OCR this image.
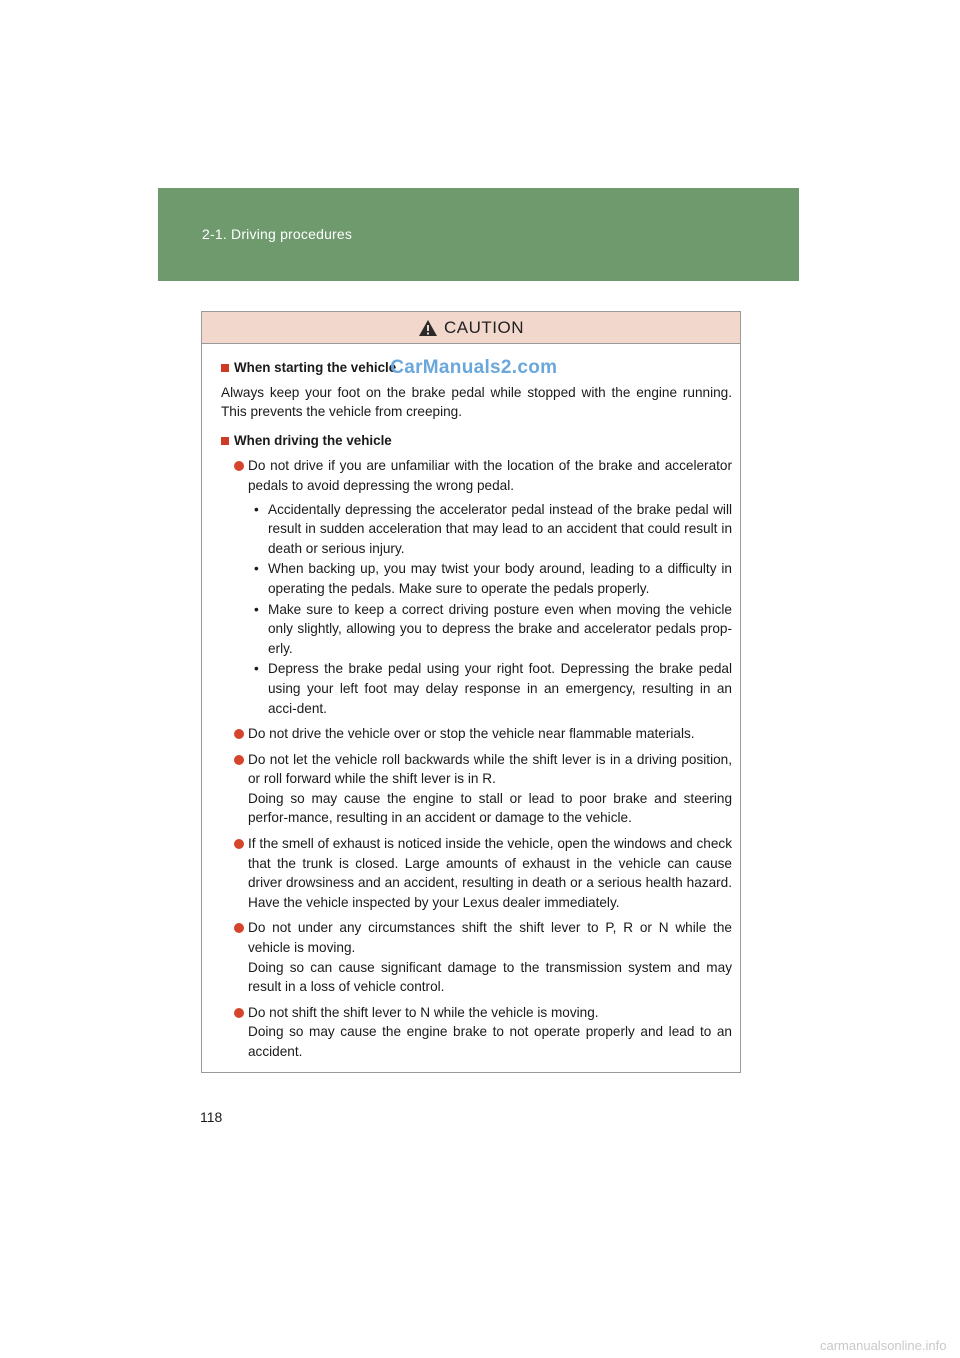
2-1. Driving procedures
CAUTION
When starting the vehicle
CarManuals2.com
Always keep your foot on the brake pedal while stopped with the engine running. This prevents the vehicle from creeping.
When driving the vehicle
Do not drive if you are unfamiliar with the location of the brake and accelerator pedals to avoid depressing the wrong pedal.
• Accidentally depressing the accelerator pedal instead of the brake pedal will result in sudden acceleration that may lead to an accident that could result in death or serious injury.
• When backing up, you may twist your body around, leading to a difficulty in operating the pedals. Make sure to operate the pedals properly.
• Make sure to keep a correct driving posture even when moving the vehicle only slightly, allowing you to depress the brake and accelerator pedals prop-erly.
• Depress the brake pedal using your right foot. Depressing the brake pedal using your left foot may delay response in an emergency, resulting in an acci-dent.
Do not drive the vehicle over or stop the vehicle near flammable materials.
Do not let the vehicle roll backwards while the shift lever is in a driving position, or roll forward while the shift lever is in R.
Doing so may cause the engine to stall or lead to poor brake and steering perfor-mance, resulting in an accident or damage to the vehicle.
If the smell of exhaust is noticed inside the vehicle, open the windows and check that the trunk is closed. Large amounts of exhaust in the vehicle can cause driver drowsiness and an accident, resulting in death or a serious health hazard. Have the vehicle inspected by your Lexus dealer immediately.
Do not under any circumstances shift the shift lever to P, R or N while the vehicle is moving.
Doing so can cause significant damage to the transmission system and may result in a loss of vehicle control.
Do not shift the shift lever to N while the vehicle is moving.
Doing so may cause the engine brake to not operate properly and lead to an accident.
118
carmanualsonline.info
